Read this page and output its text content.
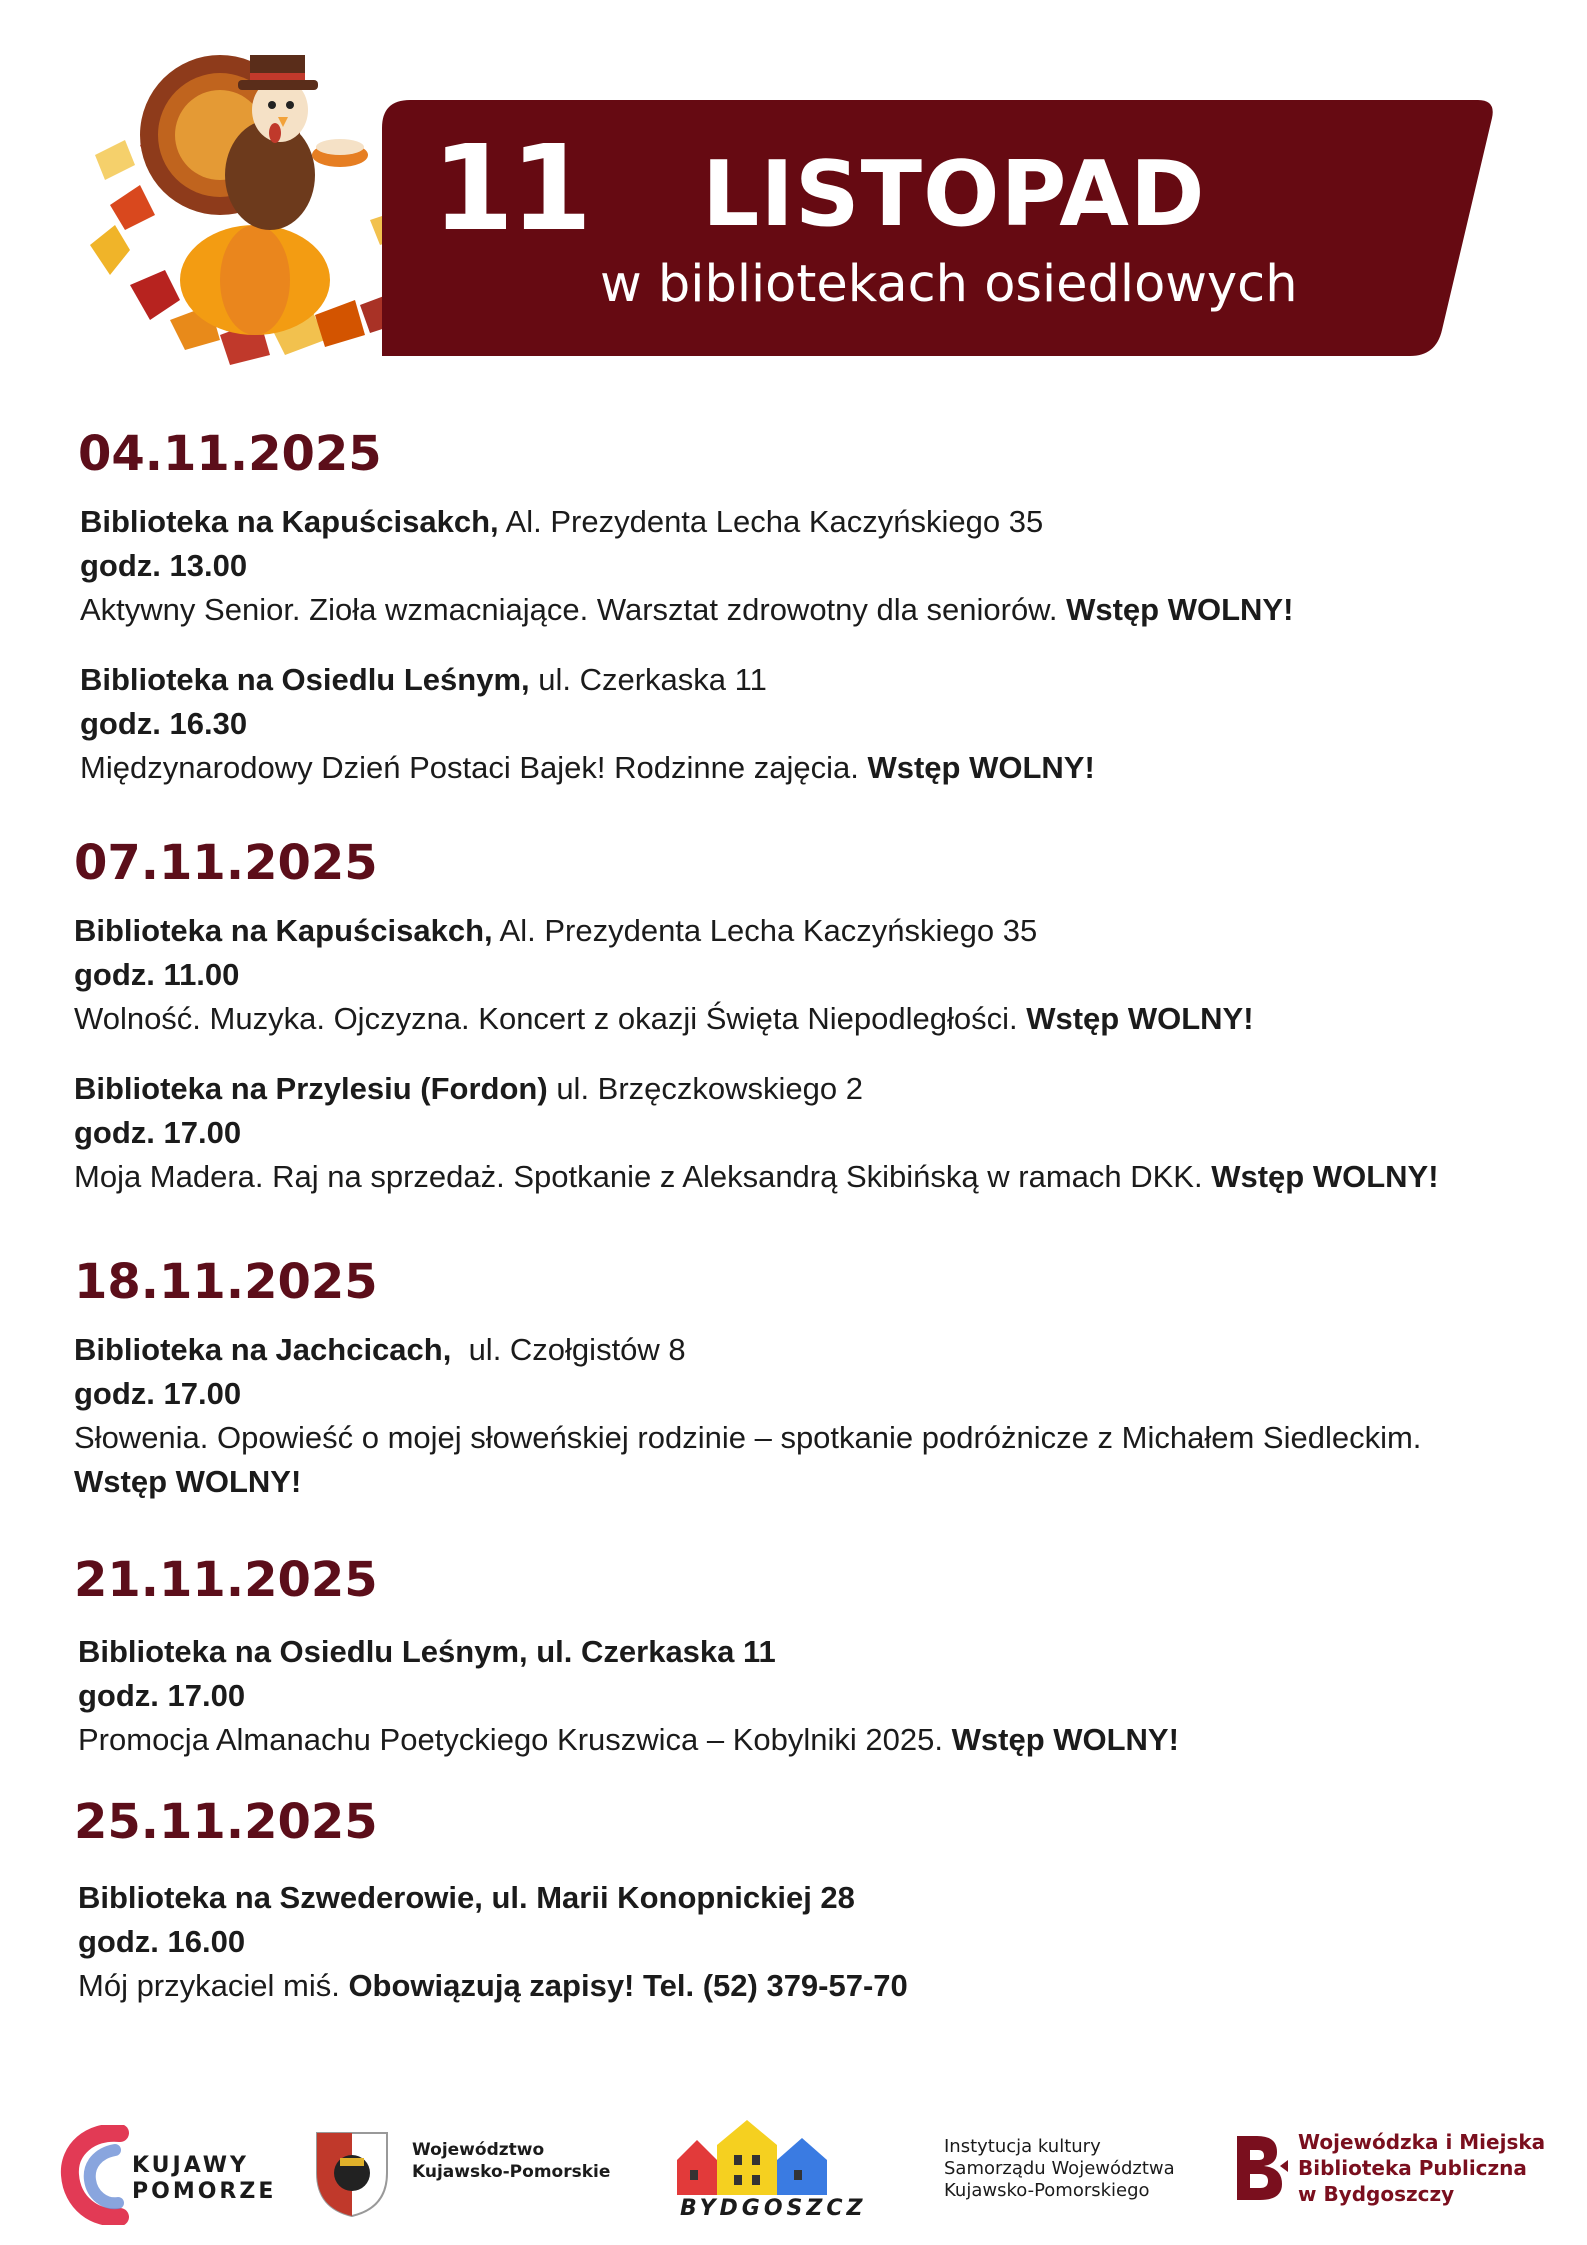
11 LISTOPAD
w bibliotekach osiedlowych
04.11.2025
Biblioteka na Kapuścisakch, Al. Prezydenta Lecha Kaczyńskiego 35
godz. 13.00
Aktywny Senior. Zioła wzmacniające. Warsztat zdrowotny dla seniorów. Wstęp WOLNY!
Biblioteka na Osiedlu Leśnym, ul. Czerkaska 11
godz. 16.30
Międzynarodowy Dzień Postaci Bajek! Rodzinne zajęcia. Wstęp WOLNY!
07.11.2025
Biblioteka na Kapuścisakch, Al. Prezydenta Lecha Kaczyńskiego 35
godz. 11.00
Wolność. Muzyka. Ojczyzna. Koncert z okazji Święta Niepodległości. Wstęp WOLNY!
Biblioteka na Przylesiu (Fordon) ul. Brzęczkowskiego 2
godz. 17.00
Moja Madera. Raj na sprzedaż. Spotkanie z Aleksandrą Skibińską w ramach DKK. Wstęp WOLNY!
18.11.2025
Biblioteka na Jachcicach,  ul. Czołgistów 8
godz. 17.00
Słowenia. Opowieść o mojej słoweńskiej rodzinie – spotkanie podróżnicze z Michałem Siedleckim.
Wstęp WOLNY!
21.11.2025
Biblioteka na Osiedlu Leśnym, ul. Czerkaska 11
godz. 17.00
Promocja Almanachu Poetyckiego Kruszwica – Kobylniki 2025. Wstęp WOLNY!
25.11.2025
Biblioteka na Szwederowie, ul. Marii Konopnickiej 28
godz. 16.00
Mój przykaciel miś. Obowiązują zapisy! Tel. (52) 379-57-70
KUJAWY
POMORZE
Województwo
Kujawsko-Pomorskie
BYDGOSZCZ
Instytucja kultury
Samorządu Województwa
Kujawsko-Pomorskiego
Wojewódzka i Miejska
Biblioteka Publiczna
w Bydgoszczy
